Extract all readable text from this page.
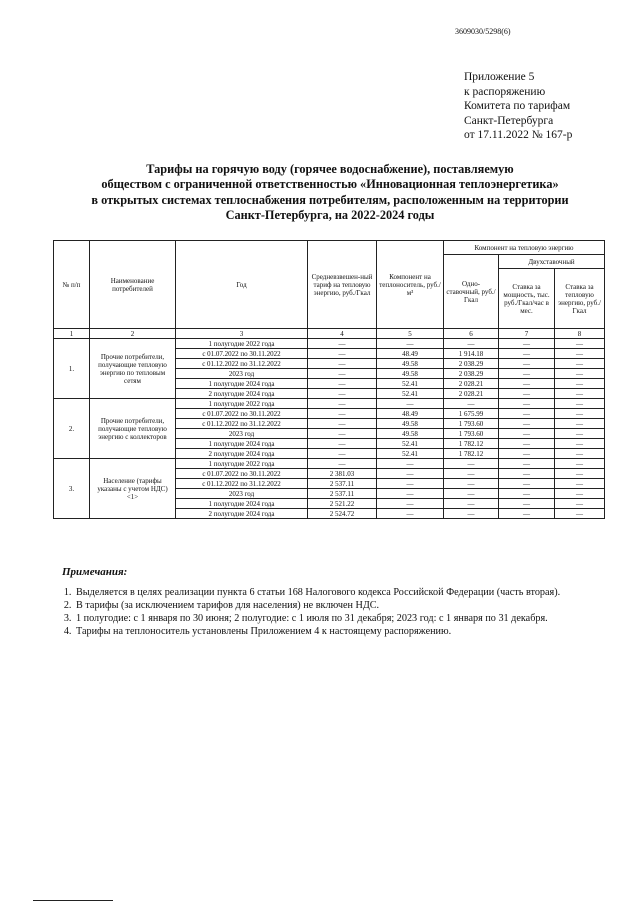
3609030/5298(6)
Приложение 5
к распоряжению
Комитета по тарифам
Санкт-Петербурга
от 17.11.2022 № 167-р
Тарифы на горячую воду (горячее водоснабжение), поставляемую
обществом с ограниченной ответственностью «Инновационная теплоэнергетика»
в открытых системах теплоснабжения потребителям, расположенным на территории
Санкт-Петербурга, на 2022-2024 годы
№ п/п	Наименование потребителей	Год	Средневзвешен-ный тариф на тепловую энергию, руб./Гкал	Компонент на теплоноситель, руб./м³	Компонент на тепловую энергию		
					Одно-ставочный, руб./Гкал	Двухставочный	
						Ставка за мощность, тыс. руб./Гкал/час в мес.	Ставка за тепловую энергию, руб./Гкал
1	2	3	4	5	6	7	8
1.	Прочие потребители, получающие тепловую энергию по тепловым сетям	1 полугодие 2022 года	—	—	—	—	—
		с 01.07.2022 по 30.11.2022	—	48.49	1 914.18	—	—
		с 01.12.2022 по 31.12.2022	—	49.58	2 038.29	—	—
		2023 год	—	49.58	2 038.29	—	—
		1 полугодие 2024 года	—	52.41	2 028.21	—	—
		2 полугодие 2024 года	—	52.41	2 028.21	—	—
2.	Прочие потребители, получающие тепловую энергию с коллекторов	1 полугодие 2022 года	—	—	—	—	—
		с 01.07.2022 по 30.11.2022	—	48.49	1 675.99	—	—
		с 01.12.2022 по 31.12.2022	—	49.58	1 793.60	—	—
		2023 год	—	49.58	1 793.60	—	—
		1 полугодие 2024 года	—	52.41	1 782.12	—	—
		2 полугодие 2024 года	—	52.41	1 782.12	—	—
3.	Население (тарифы указаны с учетом НДС) <1>	1 полугодие 2022 года	—	—	—	—	—
		с 01.07.2022 по 30.11.2022	2 381.03	—	—	—	—
		с 01.12.2022 по 31.12.2022	2 537.11	—	—	—	—
		2023 год	2 537.11	—	—	—	—
		1 полугодие 2024 года	2 521.22	—	—	—	—
		2 полугодие 2024 года	2 524.72	—	—	—	—
Примечания:
1. Выделяется в целях реализации пункта 6 статьи 168 Налогового кодекса Российской Федерации (часть вторая).
2. В тарифы (за исключением тарифов для населения) не включен НДС.
3. 1 полугодие: с 1 января по 30 июня; 2 полугодие: с 1 июля по 31 декабря; 2023 год: с 1 января по 31 декабря.
4. Тарифы на теплоноситель установлены Приложением 4 к настоящему распоряжению.
